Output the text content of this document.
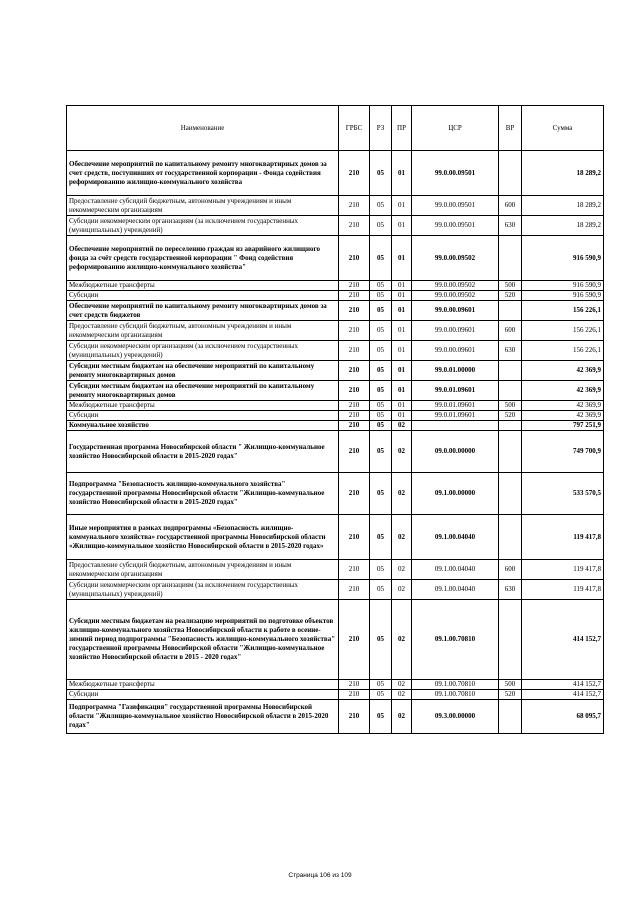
Наименование	ГРБС	РЗ	ПР	ЦСР	ВР	Сумма
Обеспечение мероприятий по капитальному ремонту многоквартирных домов за счет средств, поступивших от государственной корпорации - Фонда содействия реформированию жилищно-коммунального хозяйства	210	05	01	99.0.00.09501		18 289,2
Предоставление субсидий бюджетным, автономным учреждениям и иным некоммерческим организациям	210	05	01	99.0.00.09501	600	18 289,2
Субсидии некоммерческим организациям (за исключением государственных (муниципальных) учреждений)	210	05	01	99.0.00.09501	630	18 289,2
Обеспечение мероприятий по переселению граждан из аварийного жилищного фонда за счёт средств государственной корпорации " Фонд содействия реформированию жилищно-коммунального хозяйства"	210	05	01	99.0.00.09502		916 590,9
Межбюджетные трансферты	210	05	01	99.0.00.09502	500	916 590,9
Субсидии	210	05	01	99.0.00.09502	520	916 590,9
Обеспечение мероприятий по капитальному ремонту многоквартирных домов за счет средств бюджетов	210	05	01	99.0.00.09601		156 226,1
Предоставление субсидий бюджетным, автономным учреждениям и иным некоммерческим организациям	210	05	01	99.0.00.09601	600	156 226,1
Субсидии некоммерческим организациям (за исключением государственных (муниципальных) учреждений)	210	05	01	99.0.00.09601	630	156 226,1
Субсидии местным бюджетам на обеспечение мероприятий по капитальному ремонту многоквартирных домов	210	05	01	99.0.01.00000		42 369,9
Субсидии местным бюджетам на обеспечение мероприятий по капитальному ремонту многоквартирных домов	210	05	01	99.0.01.09601		42 369,9
Межбюджетные трансферты	210	05	01	99.0.01.09601	500	42 369,9
Субсидии	210	05	01	99.0.01.09601	520	42 369,9
Коммунальное хозяйство	210	05	02			797 251,9
Государственная программа Новосибирской области " Жилищно-коммунальное хозяйство Новосибирской области в 2015-2020 годах"	210	05	02	09.0.00.00000		749 700,9
Подпрограмма "Безопасность жилищно-коммунального хозяйства" государственной программы Новосибирской области "Жилищно-коммунальное хозяйство Новосибирской области в 2015-2020 годах"	210	05	02	09.1.00.00000		533 570,5
Иные мероприятия в рамках подпрограммы «Безопасность жилищно-коммунального хозяйства» государственной программы Новосибирской области «Жилищно-коммунальное хозяйство Новосибирской области в 2015-2020 годах»	210	05	02	09.1.00.04040		119 417,8
Предоставление субсидий бюджетным, автономным учреждениям и иным некоммерческим организациям	210	05	02	09.1.00.04040	600	119 417,8
Субсидии некоммерческим организациям (за исключением государственных (муниципальных) учреждений)	210	05	02	09.1.00.04040	630	119 417,8
Субсидии местным бюджетам на реализацию мероприятий по подготовке объектов жилищно-коммунального хозяйства Новосибирской области к работе в осенне-зимний период подпрограммы "Безопасность жилищно-коммунального хозяйства" государственной программы Новосибирской области "Жилищно-коммунальное хозяйство Новосибирской области в 2015 - 2020 годах"	210	05	02	09.1.00.70810		414 152,7
Межбюджетные трансферты	210	05	02	09.1.00.70810	500	414 152,7
Субсидии	210	05	02	09.1.00.70810	520	414 152,7
Подпрограмма "Газификация" государственной программы Новосибирской области "Жилищно-коммунальное хозяйство Новосибирской области в 2015-2020 годах"	210	05	02	09.3.00.00000		68 095,7
Страница 106 из 109
